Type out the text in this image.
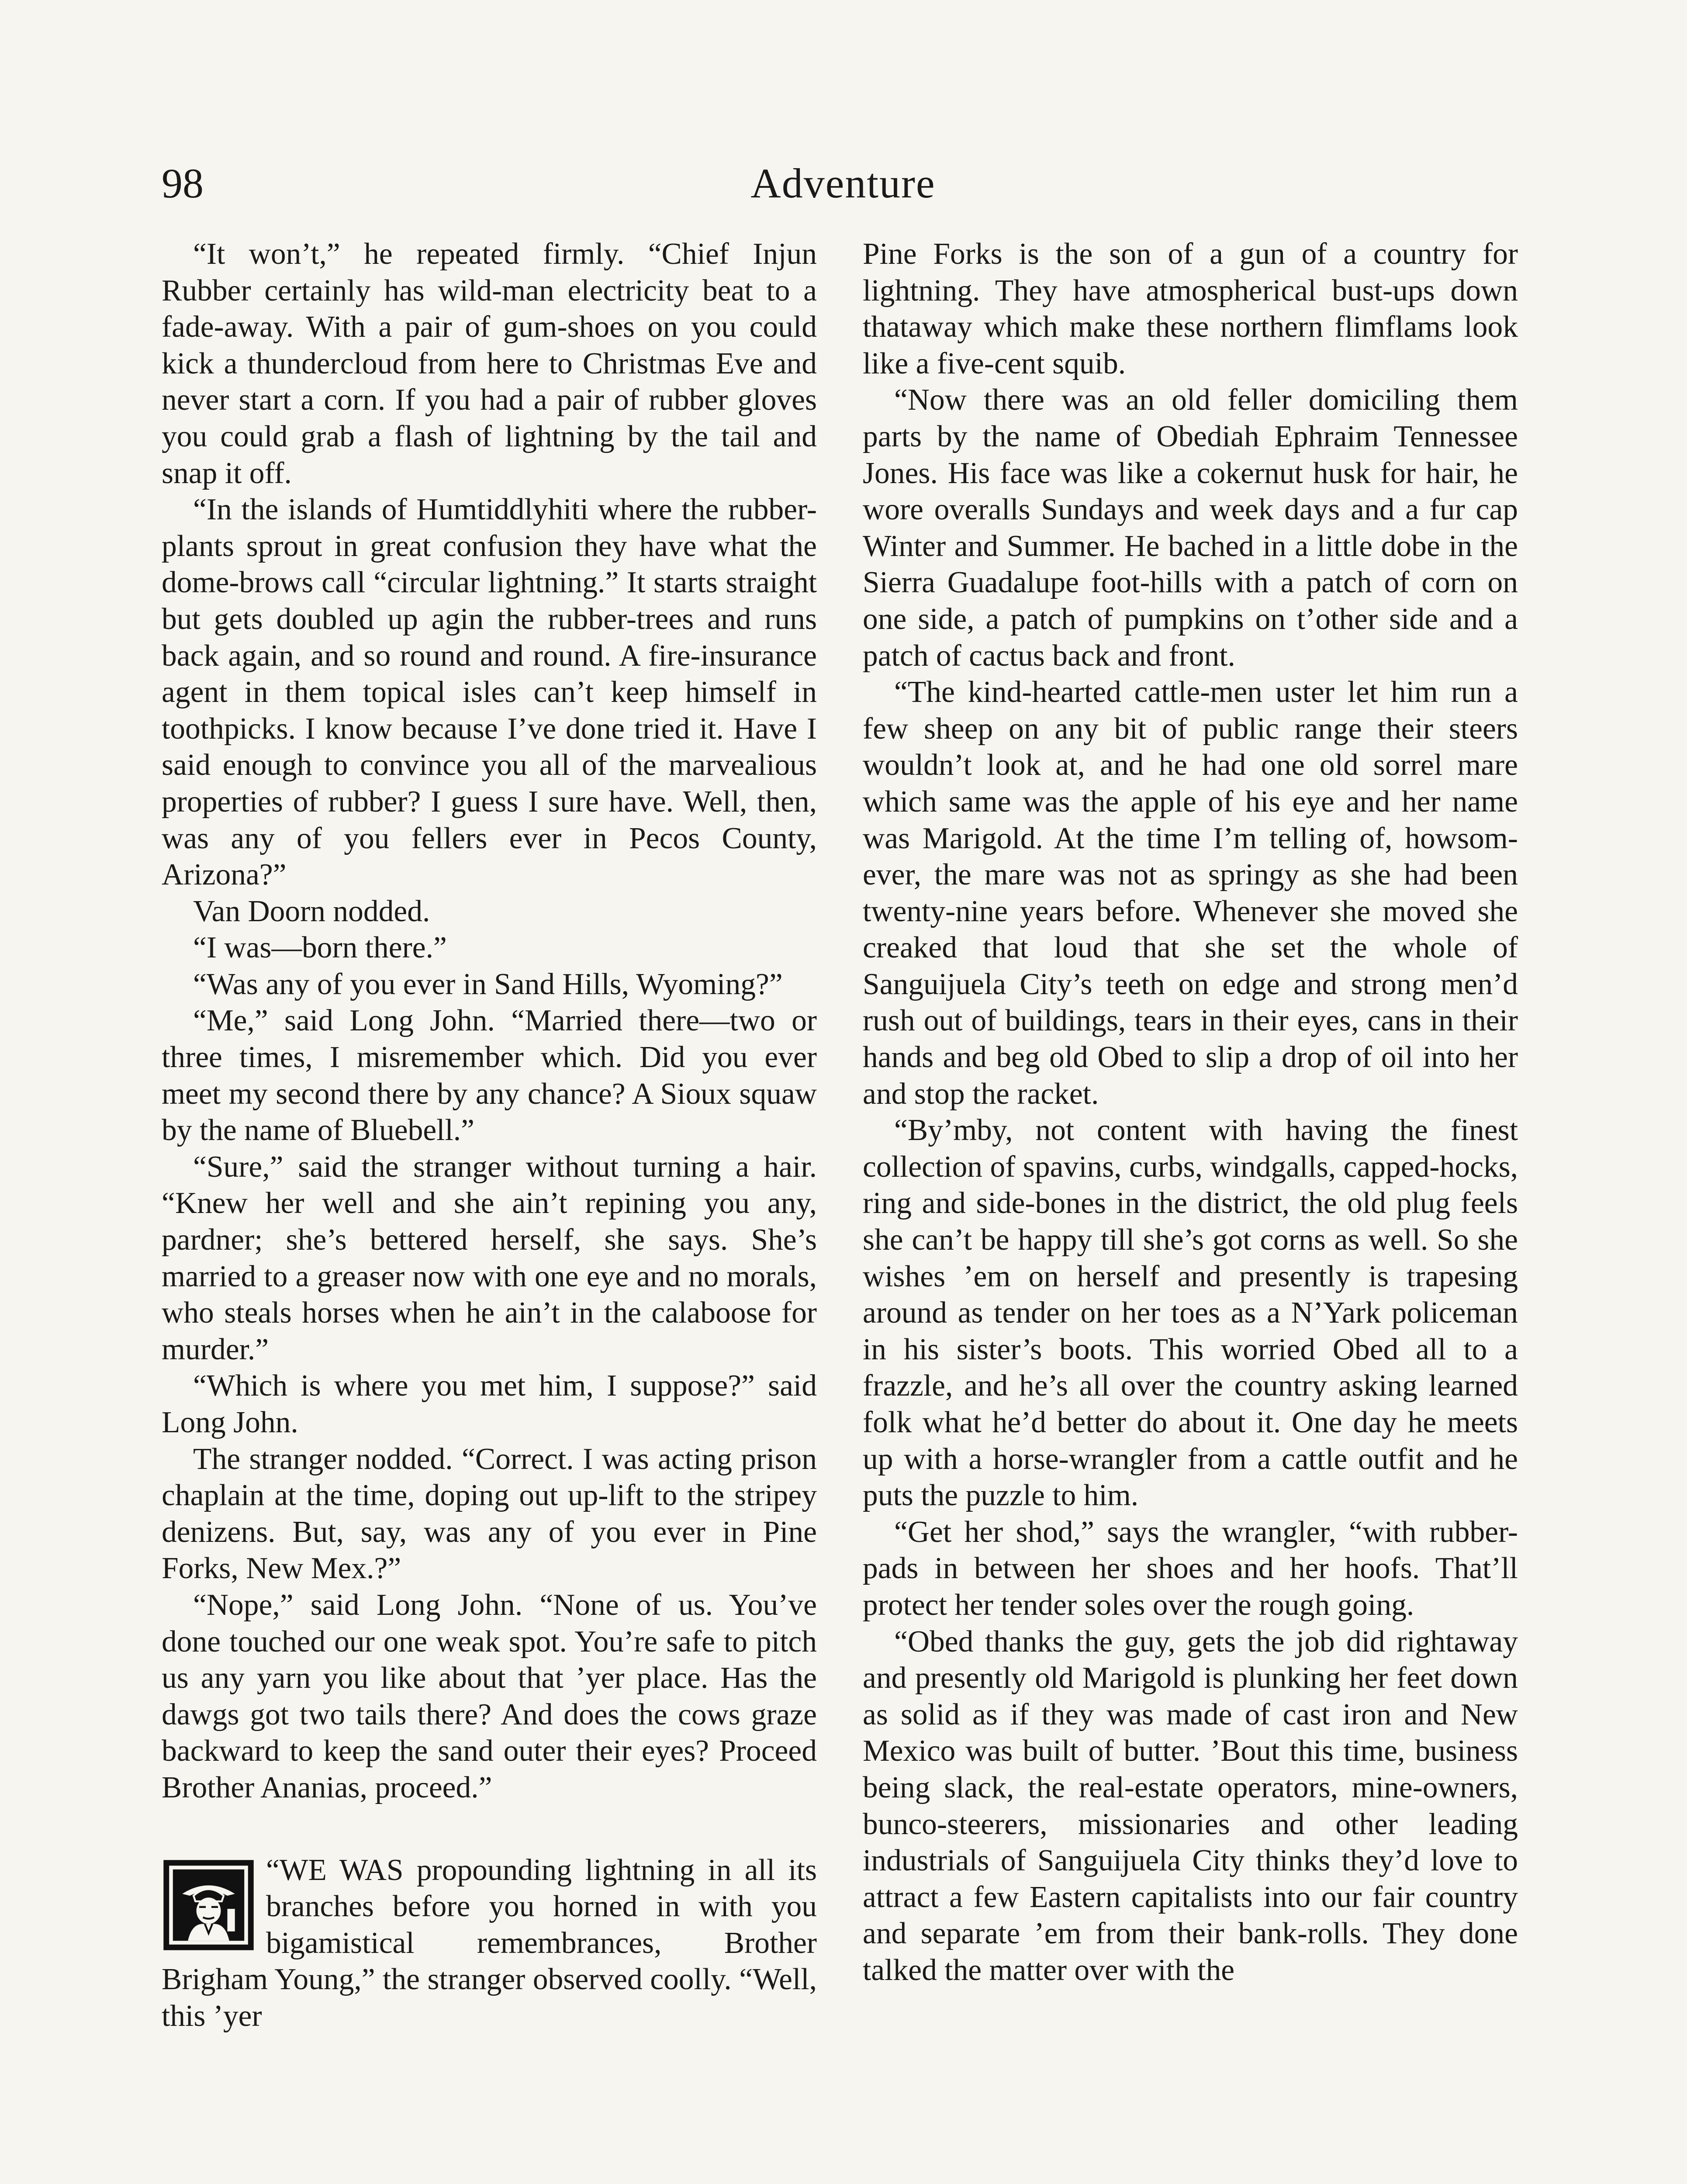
98	Adventure

“It won’t,” he repeated firmly. “Chief Injun Rubber certainly has wild-man electricity beat to a fade-away. With a pair of gum-shoes on you could kick a thundercloud from here to Christmas Eve and never start a corn. If you had a pair of rubber gloves you could grab a flash of lightning by the tail and snap it off.

“In the islands of Humtiddlyhiti where the rubber-plants sprout in great confusion they have what the dome-brows call “circular lightning.” It starts straight but gets doubled up agin the rubber-trees and runs back again, and so round and round. A fire-insurance agent in them topical isles can’t keep himself in toothpicks. I know because I’ve done tried it. Have I said enough to convince you all of the marvealious properties of rubber? I guess I sure have. Well, then, was any of you fellers ever in Pecos County, Arizona?”

Van Doorn nodded.

“I was—born there.”

“Was any of you ever in Sand Hills, Wyoming?”

“Me,” said Long John. “Married there—two or three times, I misremember which. Did you ever meet my second there by any chance? A Sioux squaw by the name of Bluebell.”

“Sure,” said the stranger without turning a hair. “Knew her well and she ain’t repining you any, pardner; she’s bettered herself, she says. She’s married to a greaser now with one eye and no morals, who steals horses when he ain’t in the calaboose for murder.”

“Which is where you met him, I suppose?” said Long John.

The stranger nodded. “Correct. I was acting prison chaplain at the time, doping out up-lift to the stripey denizens. But, say, was any of you ever in Pine Forks, New Mex.?”

“Nope,” said Long John. “None of us. You’ve done touched our one weak spot. You’re safe to pitch us any yarn you like about that ’yer place. Has the dawgs got two tails there? And does the cows graze backward to keep the sand outer their eyes? Proceed Brother Ananias, proceed.”

“WE WAS propounding lightning in all its branches before you horned in with you bigamistical remembrances, Brother Brigham Young,” the stranger observed coolly. “Well, this ’yer

Pine Forks is the son of a gun of a country for lightning. They have atmospherical bust-ups down thataway which make these northern flimflams look like a five-cent squib.

“Now there was an old feller domiciling them parts by the name of Obediah Ephraim Tennessee Jones. His face was like a cokernut husk for hair, he wore overalls Sundays and week days and a fur cap Winter and Summer. He bached in a little dobe in the Sierra Guadalupe foot-hills with a patch of corn on one side, a patch of pumpkins on t’other side and a patch of cactus back and front.

“The kind-hearted cattle-men uster let him run a few sheep on any bit of public range their steers wouldn’t look at, and he had one old sorrel mare which same was the apple of his eye and her name was Marigold. At the time I’m telling of, howsomever, the mare was not as springy as she had been twenty-nine years before. Whenever she moved she creaked that loud that she set the whole of Sanguijuela City’s teeth on edge and strong men’d rush out of buildings, tears in their eyes, cans in their hands and beg old Obed to slip a drop of oil into her and stop the racket.

“By’mby, not content with having the finest collection of spavins, curbs, windgalls, capped-hocks, ring and side-bones in the district, the old plug feels she can’t be happy till she’s got corns as well. So she wishes ’em on herself and presently is trapesing around as tender on her toes as a N’Yark policeman in his sister’s boots. This worried Obed all to a frazzle, and he’s all over the country asking learned folk what he’d better do about it. One day he meets up with a horse-wrangler from a cattle outfit and he puts the puzzle to him.

“Get her shod,” says the wrangler, “with rubber-pads in between her shoes and her hoofs. That’ll protect her tender soles over the rough going.

“Obed thanks the guy, gets the job did rightaway and presently old Marigold is plunking her feet down as solid as if they was made of cast iron and New Mexico was built of butter. ’Bout this time, business being slack, the real-estate operators, mine-owners, bunco-steerers, missionaries and other leading industrials of Sanguijuela City thinks they’d love to attract a few Eastern capitalists into our fair country and separate ’em from their bank-rolls. They done talked the matter over with the
